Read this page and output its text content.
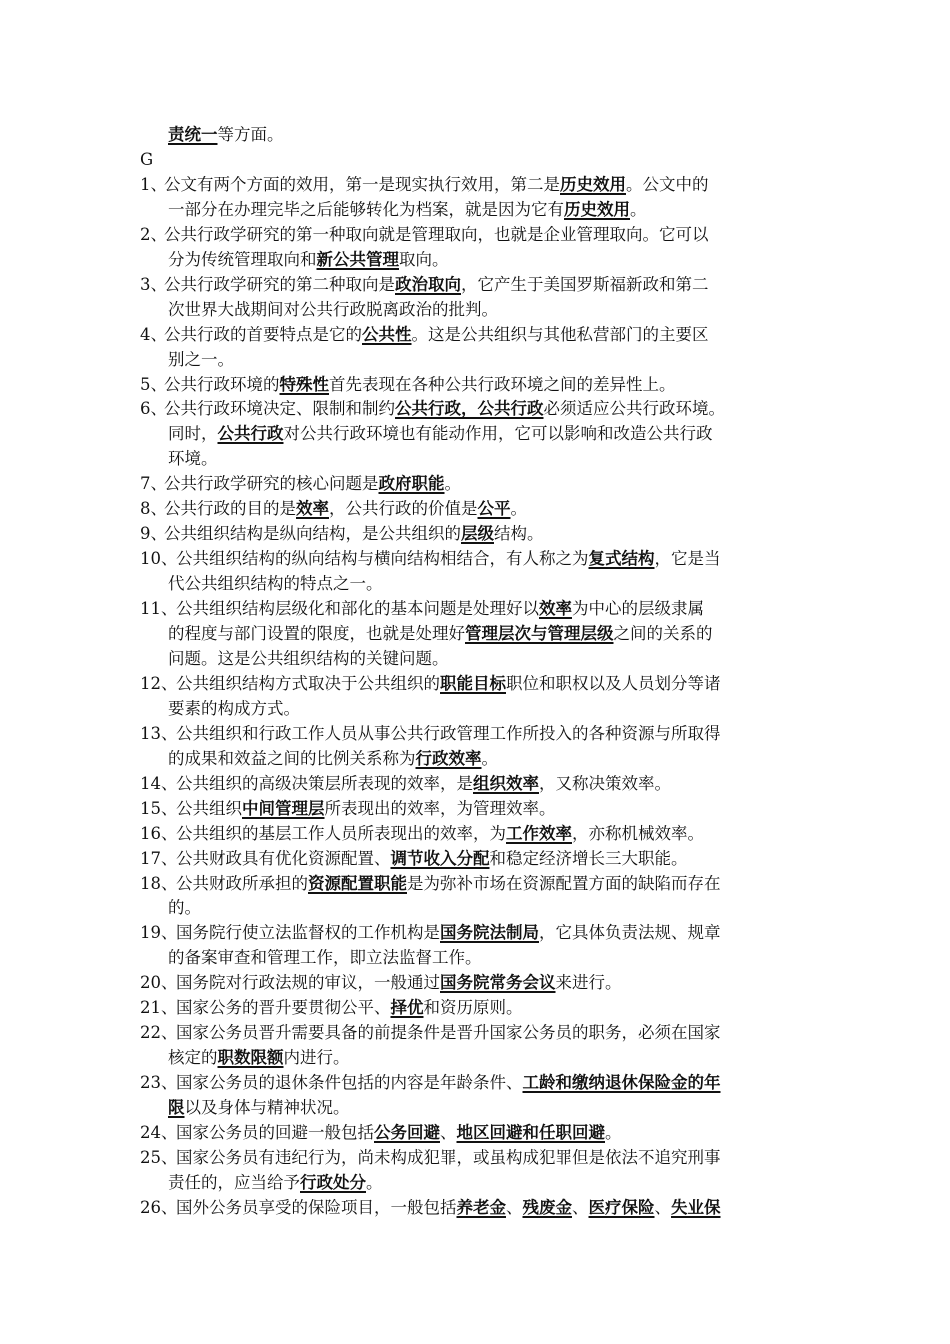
责统一等方面。
G
1、
公文有两个方面的效用，第一是现实执行效用，第二是历史效用。公文中的
一部分在办理完毕之后能够转化为档案，就是因为它有历史效用。
2、
公共行政学研究的第一种取向就是管理取向，也就是企业管理取向。它可以
分为传统管理取向和新公共管理取向。
3、
公共行政学研究的第二种取向是政治取向，它产生于美国罗斯福新政和第二
次世界大战期间对公共行政脱离政治的批判。
4、
公共行政的首要特点是它的公共性。这是公共组织与其他私营部门的主要区
别之一。
5、
公共行政环境的特殊性首先表现在各种公共行政环境之间的差异性上。
6、
公共行政环境决定、限制和制约公共行政，公共行政必须适应公共行政环境。
同时，公共行政对公共行政环境也有能动作用，它可以影响和改造公共行政
环境。
7、
公共行政学研究的核心问题是政府职能。
8、
公共行政的目的是效率，公共行政的价值是公平。
9、
公共组织结构是纵向结构，是公共组织的层级结构。
10、
公共组织结构的纵向结构与横向结构相结合，有人称之为复式结构，它是当
代公共组织结构的特点之一。
11、
公共组织结构层级化和部化的基本问题是处理好以效率为中心的层级隶属
的程度与部门设置的限度，也就是处理好管理层次与管理层级之间的关系的
问题。这是公共组织结构的关键问题。
12、
公共组织结构方式取决于公共组织的职能目标职位和职权以及人员划分等诸
要素的构成方式。
13、
公共组织和行政工作人员从事公共行政管理工作所投入的各种资源与所取得
的成果和效益之间的比例关系称为行政效率。
14、
公共组织的高级决策层所表现的效率，是组织效率，又称决策效率。
15、
公共组织中间管理层所表现出的效率，为管理效率。
16、
公共组织的基层工作人员所表现出的效率，为工作效率，亦称机械效率。
17、
公共财政具有优化资源配置、调节收入分配和稳定经济增长三大职能。
18、
公共财政所承担的资源配置职能是为弥补市场在资源配置方面的缺陷而存在
的。
19、
国务院行使立法监督权的工作机构是国务院法制局，它具体负责法规、规章
的备案审查和管理工作，即立法监督工作。
20、
国务院对行政法规的审议，一般通过国务院常务会议来进行。
21、
国家公务的晋升要贯彻公平、择优和资历原则。
22、
国家公务员晋升需要具备的前提条件是晋升国家公务员的职务，必须在国家
核定的职数限额内进行。
23、
国家公务员的退休条件包括的内容是年龄条件、工龄和缴纳退休保险金的年
限以及身体与精神状况。
24、
国家公务员的回避一般包括公务回避、地区回避和任职回避。
25、
国家公务员有违纪行为，尚未构成犯罪，或虽构成犯罪但是依法不追究刑事
责任的，应当给予行政处分。
26、
国外公务员享受的保险项目，一般包括养老金、残废金、医疗保险、失业保
